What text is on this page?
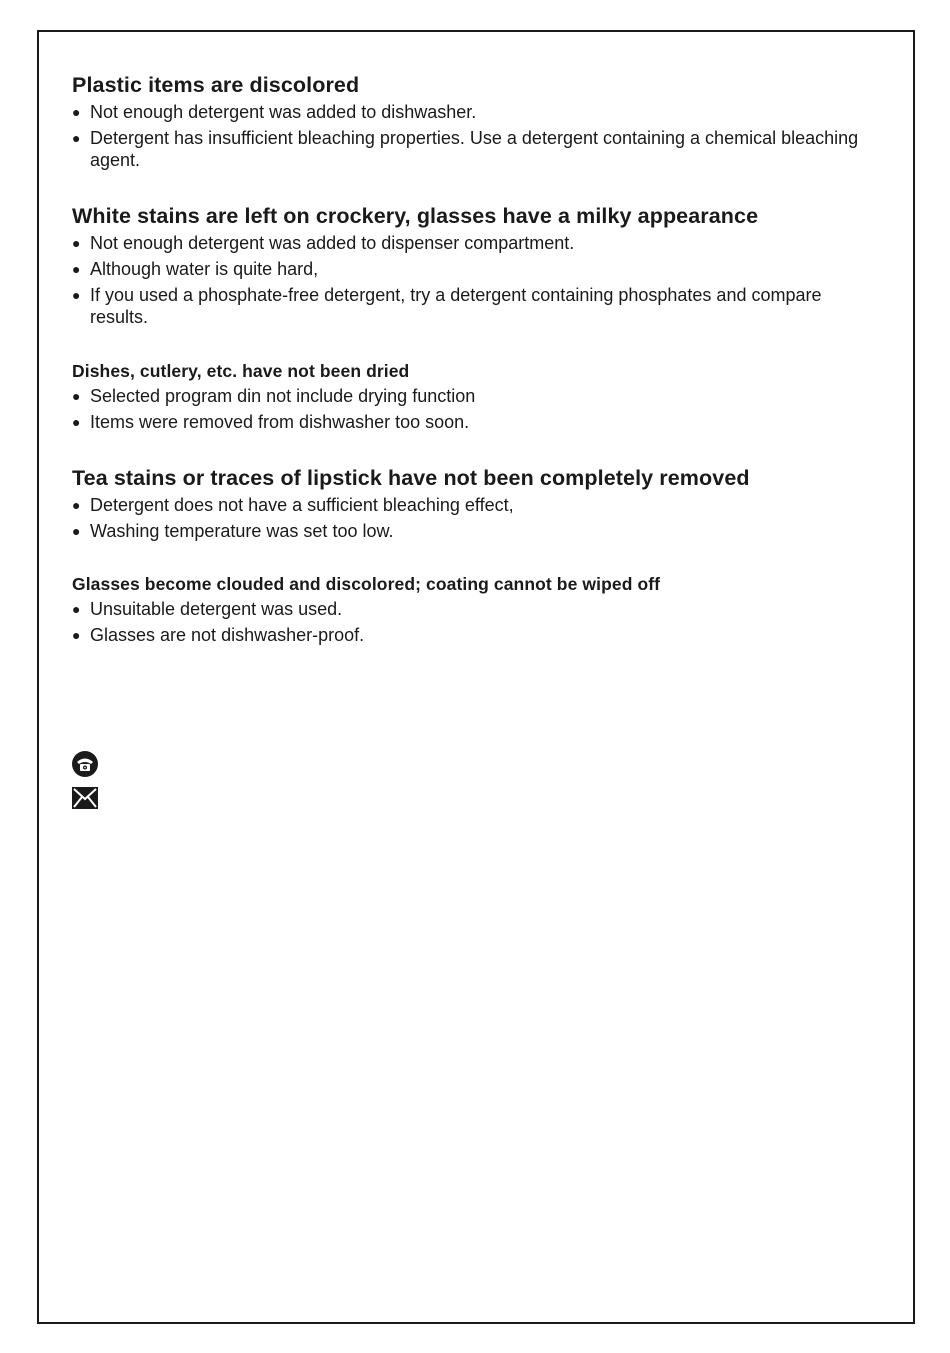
Plastic items are discolored
● Not enough detergent was added to dishwasher.
● Detergent has insufficient bleaching properties. Use a detergent containing a chemical bleaching agent.
White stains are left on crockery, glasses have a milky appearance
● Not enough detergent was added to dispenser compartment.
● Although water is quite hard,
● If you used a phosphate-free detergent, try a detergent containing phosphates and compare results.
Dishes, cutlery, etc. have not been dried
● Selected program din not include drying function
● Items were removed from dishwasher too soon.
Tea stains or traces of lipstick have not been completely removed
● Detergent does not have a sufficient bleaching effect,
● Washing temperature was set too low.
Glasses become clouded and discolored; coating cannot be wiped off
● Unsuitable detergent was used.
● Glasses are not dishwasher-proof.
